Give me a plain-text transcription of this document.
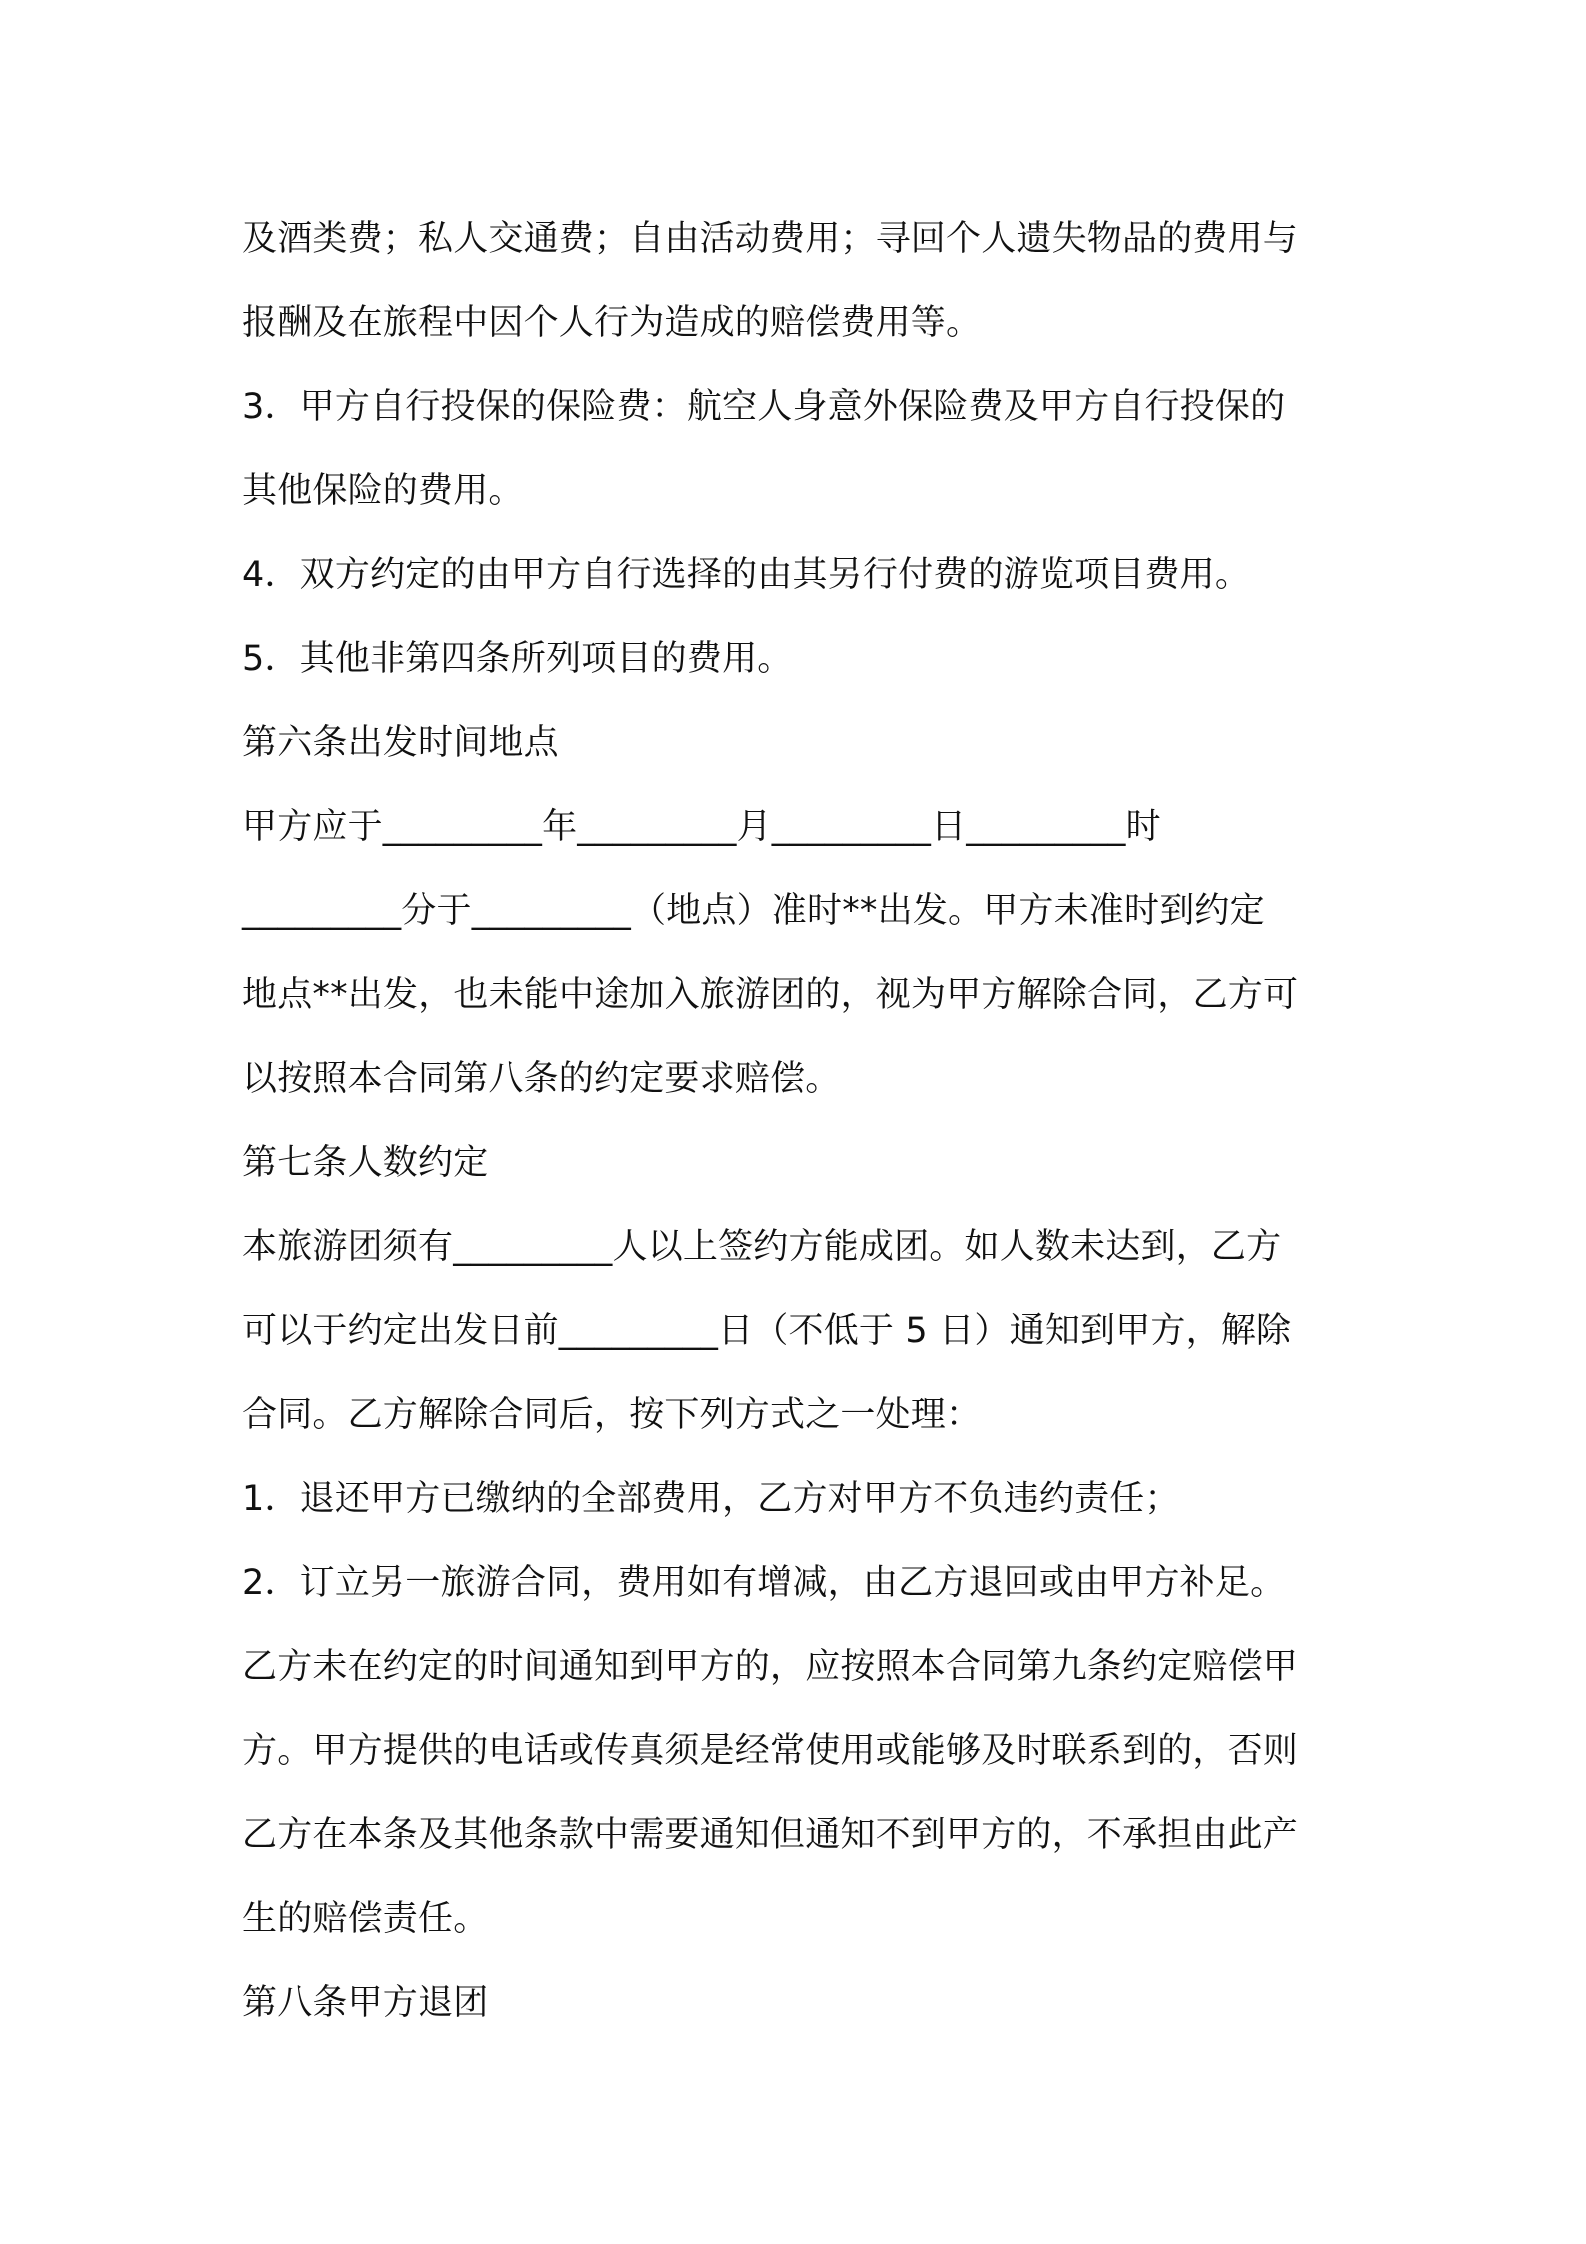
及酒类费；私人交通费；自由活动费用；寻回个人遗失物品的费用与
报酬及在旅程中因个人行为造成的赔偿费用等。
3．甲方自行投保的保险费：航空人身意外保险费及甲方自行投保的
其他保险的费用。
4．双方约定的由甲方自行选择的由其另行付费的游览项目费用。
5．其他非第四条所列项目的费用。
第六条出发时间地点
甲方应于_________年_________月_________日_________时
_________分于_________（地点）准时**出发。甲方未准时到约定
地点**出发，也未能中途加入旅游团的，视为甲方解除合同，乙方可
以按照本合同第八条的约定要求赔偿。
第七条人数约定
本旅游团须有_________人以上签约方能成团。如人数未达到，乙方
可以于约定出发日前_________日（不低于 5 日）通知到甲方，解除
合同。乙方解除合同后，按下列方式之一处理：
1．退还甲方已缴纳的全部费用，乙方对甲方不负违约责任；
2．订立另一旅游合同，费用如有增减，由乙方退回或由甲方补足。
乙方未在约定的时间通知到甲方的，应按照本合同第九条约定赔偿甲
方。甲方提供的电话或传真须是经常使用或能够及时联系到的，否则
乙方在本条及其他条款中需要通知但通知不到甲方的，不承担由此产
生的赔偿责任。
第八条甲方退团
